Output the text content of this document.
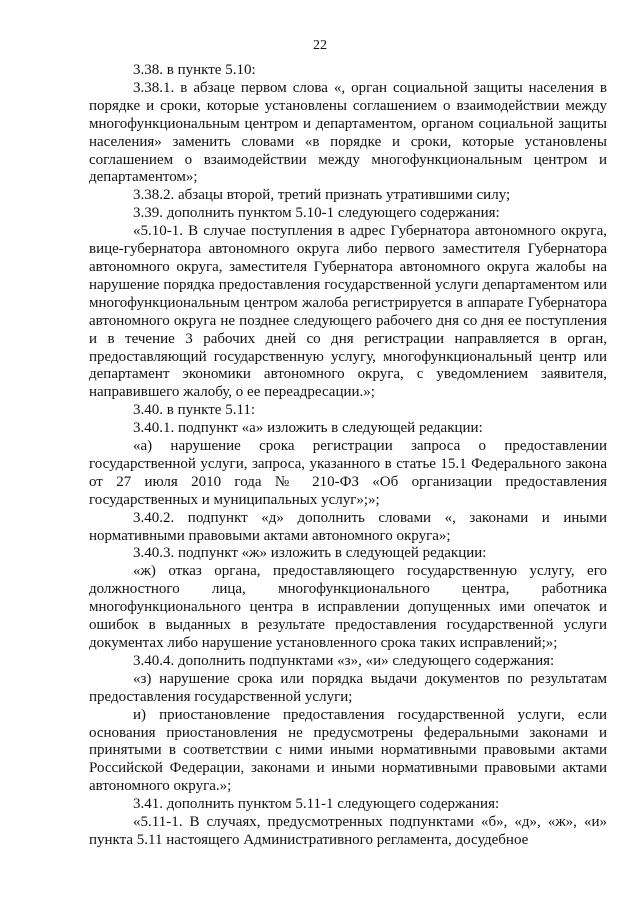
22

3.38. в пункте 5.10:

3.38.1. в абзаце первом слова «, орган социальной защиты населения в порядке и сроки, которые установлены соглашением о взаимодействии между многофункциональным центром и департаментом, органом социальной защиты населения» заменить словами «в порядке и сроки, которые установлены соглашением о взаимодействии между многофункциональным центром и департаментом»;

3.38.2. абзацы второй, третий признать утратившими силу;

3.39. дополнить пунктом 5.10-1 следующего содержания:

«5.10-1. В случае поступления в адрес Губернатора автономного округа, вице-губернатора автономного округа либо первого заместителя Губернатора автономного округа, заместителя Губернатора автономного округа жалобы на нарушение порядка предоставления государственной услуги департаментом или многофункциональным центром жалоба регистрируется в аппарате Губернатора автономного округа не позднее следующего рабочего дня со дня ее поступления и в течение 3 рабочих дней со дня регистрации направляется в орган, предоставляющий государственную услугу, многофункциональный центр или департамент экономики автономного округа, с уведомлением заявителя, направившего жалобу, о ее переадресации.»;

3.40. в пункте 5.11:

3.40.1. подпункт «а» изложить в следующей редакции:

«а) нарушение срока регистрации запроса о предоставлении государственной услуги, запроса, указанного в статье 15.1 Федерального закона от 27 июля 2010 года № 210-ФЗ «Об организации предоставления государственных и муниципальных услуг»;»;

3.40.2. подпункт «д» дополнить словами «, законами и иными нормативными правовыми актами автономного округа»;

3.40.3. подпункт «ж» изложить в следующей редакции:

«ж) отказ органа, предоставляющего государственную услугу, его должностного лица, многофункционального центра, работника многофункционального центра в исправлении допущенных ими опечаток и ошибок в выданных в результате предоставления государственной услуги документах либо нарушение установленного срока таких исправлений;»;

3.40.4. дополнить подпунктами «з», «и» следующего содержания:

«з) нарушение срока или порядка выдачи документов по результатам предоставления государственной услуги;

и) приостановление предоставления государственной услуги, если основания приостановления не предусмотрены федеральными законами и принятыми в соответствии с ними иными нормативными правовыми актами Российской Федерации, законами и иными нормативными правовыми актами автономного округа.»;

3.41. дополнить пунктом 5.11-1 следующего содержания:

«5.11-1. В случаях, предусмотренных подпунктами «б», «д», «ж», «и» пункта 5.11 настоящего Административного регламента, досудебное
